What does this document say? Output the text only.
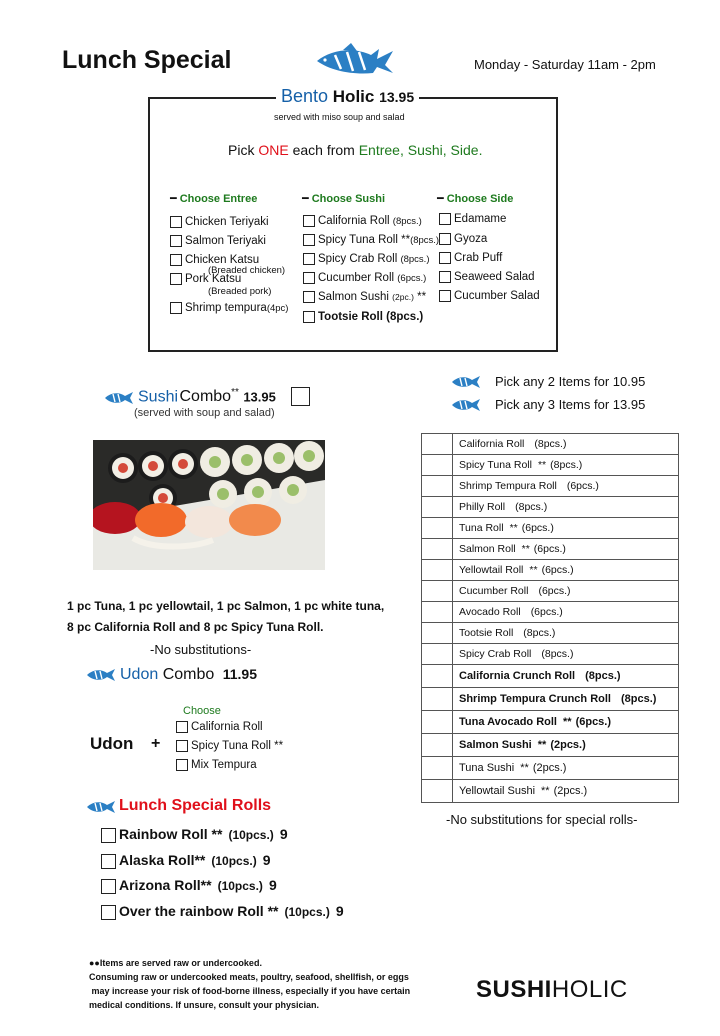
Lunch Special	Monday - Saturday 11am - 2pm
Bento Holic 13.95
served with miso soup and salad
Pick ONE each from Entree, Sushi, Side.
━ Choose Entree	━ Choose Sushi	━ Choose Side
Chicken Teriyaki
Salmon Teriyaki
Chicken Katsu
(Breaded chicken)
Pork Katsu
(Breaded pork)
Shrimp tempura(4pc)
California Roll (8pcs.)
Spicy Tuna Roll **(8pcs.)
Spicy Crab Roll (8pcs.)
Cucumber Roll (6pcs.)
Salmon Sushi (2pc.) **
Tootsie Roll (8pcs.)
Edamame
Gyoza
Crab Puff
Seaweed Salad
Cucumber Salad
Sushi Combo** 13.95
(served with soup and salad)
1 pc Tuna, 1 pc yellowtail, 1 pc Salmon, 1 pc white tuna,
8 pc California Roll and 8 pc Spicy Tuna Roll.
-No substitutions-
Pick any 2 Items for 10.95
Pick any 3 Items for 13.95
	California Roll (8pcs.)
	Spicy Tuna Roll ** (8pcs.)
	Shrimp Tempura Roll (6pcs.)
	Philly Roll (8pcs.)
	Tuna Roll ** (6pcs.)
	Salmon Roll ** (6pcs.)
	Yellowtail Roll ** (6pcs.)
	Cucumber Roll (6pcs.)
	Avocado Roll (6pcs.)
	Tootsie Roll (8pcs.)
	Spicy Crab Roll (8pcs.)
	California Crunch Roll (8pcs.)
	Shrimp Tempura Crunch Roll (8pcs.)
	Tuna Avocado Roll ** (6pcs.)
	Salmon Sushi ** (2pcs.)
	Tuna Sushi ** (2pcs.)
	Yellowtail Sushi ** (2pcs.)
-No substitutions for special rolls-
Udon Combo 11.95
Choose
Udon +
California Roll
Spicy Tuna Roll **
Mix Tempura
Lunch Special Rolls
Rainbow Roll ** (10pcs.) 9
Alaska Roll** (10pcs.) 9
Arizona Roll** (10pcs.) 9
Over the rainbow Roll ** (10pcs.) 9
●●Items are served raw or undercooked.
Consuming raw or undercooked meats, poultry, seafood, shellfish, or eggs
may increase your risk of food-borne illness, especially if you have certain
medical conditions. If unsure, consult your physician.
SUSHIHOLIC
